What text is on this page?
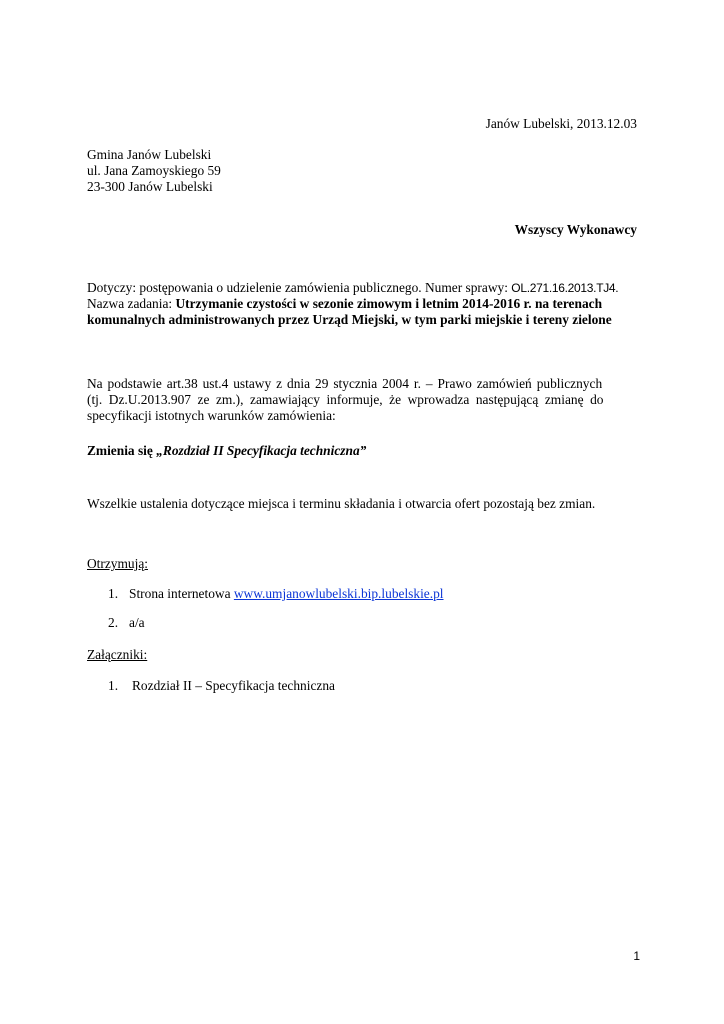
Janów Lubelski, 2013.12.03
Gmina Janów Lubelski
ul. Jana Zamoyskiego 59
23-300 Janów Lubelski
Wszyscy Wykonawcy
Dotyczy: postępowania o udzielenie zamówienia publicznego. Numer sprawy: OL.271.16.2013.TJ4.
Nazwa zadania: Utrzymanie czystości w sezonie zimowym i letnim 2014-2016 r. na terenach
komunalnych administrowanych przez Urząd Miejski, w tym parki miejskie i tereny zielone
Na podstawie art.38 ust.4 ustawy z dnia 29 stycznia 2004 r. – Prawo zamówień publicznych
(tj. Dz.U.2013.907 ze zm.), zamawiający informuje, że wprowadza następującą zmianę do
specyfikacji istotnych warunków zamówienia:
Zmienia się „Rozdział II Specyfikacja techniczna”
Wszelkie ustalenia dotyczące miejsca i terminu składania i otwarcia ofert pozostają bez zmian.
Otrzymują:
1. Strona internetowa www.umjanowlubelski.bip.lubelskie.pl
2. a/a
Załączniki:
1. Rozdział II – Specyfikacja techniczna
1
